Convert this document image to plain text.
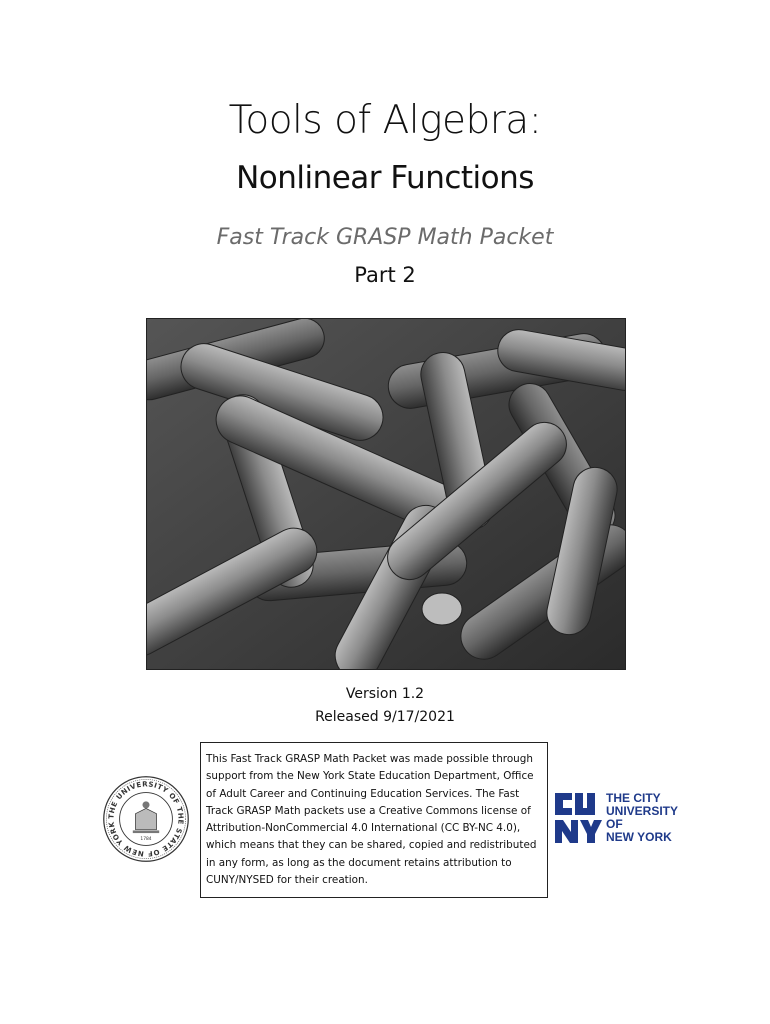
Tools of Algebra:
Nonlinear Functions
Fast Track GRASP Math Packet
Part 2
Version 1.2
Released 9/17/2021
THE UNIVERSITY OF THE STATE OF NEW YORK
1784
This Fast Track GRASP Math Packet was made possible through support from the New York State Education Department, Office of Adult Career and Continuing Education Services. The Fast Track GRASP Math packets use a Creative Commons license of Attribution-NonCommercial 4.0 International (CC BY-NC 4.0), which means that they can be shared, copied and redistributed in any form, as long as the document retains attribution to CUNY/NYSED for their creation.
THE CITY
UNIVERSITY
OF
NEW YORK
